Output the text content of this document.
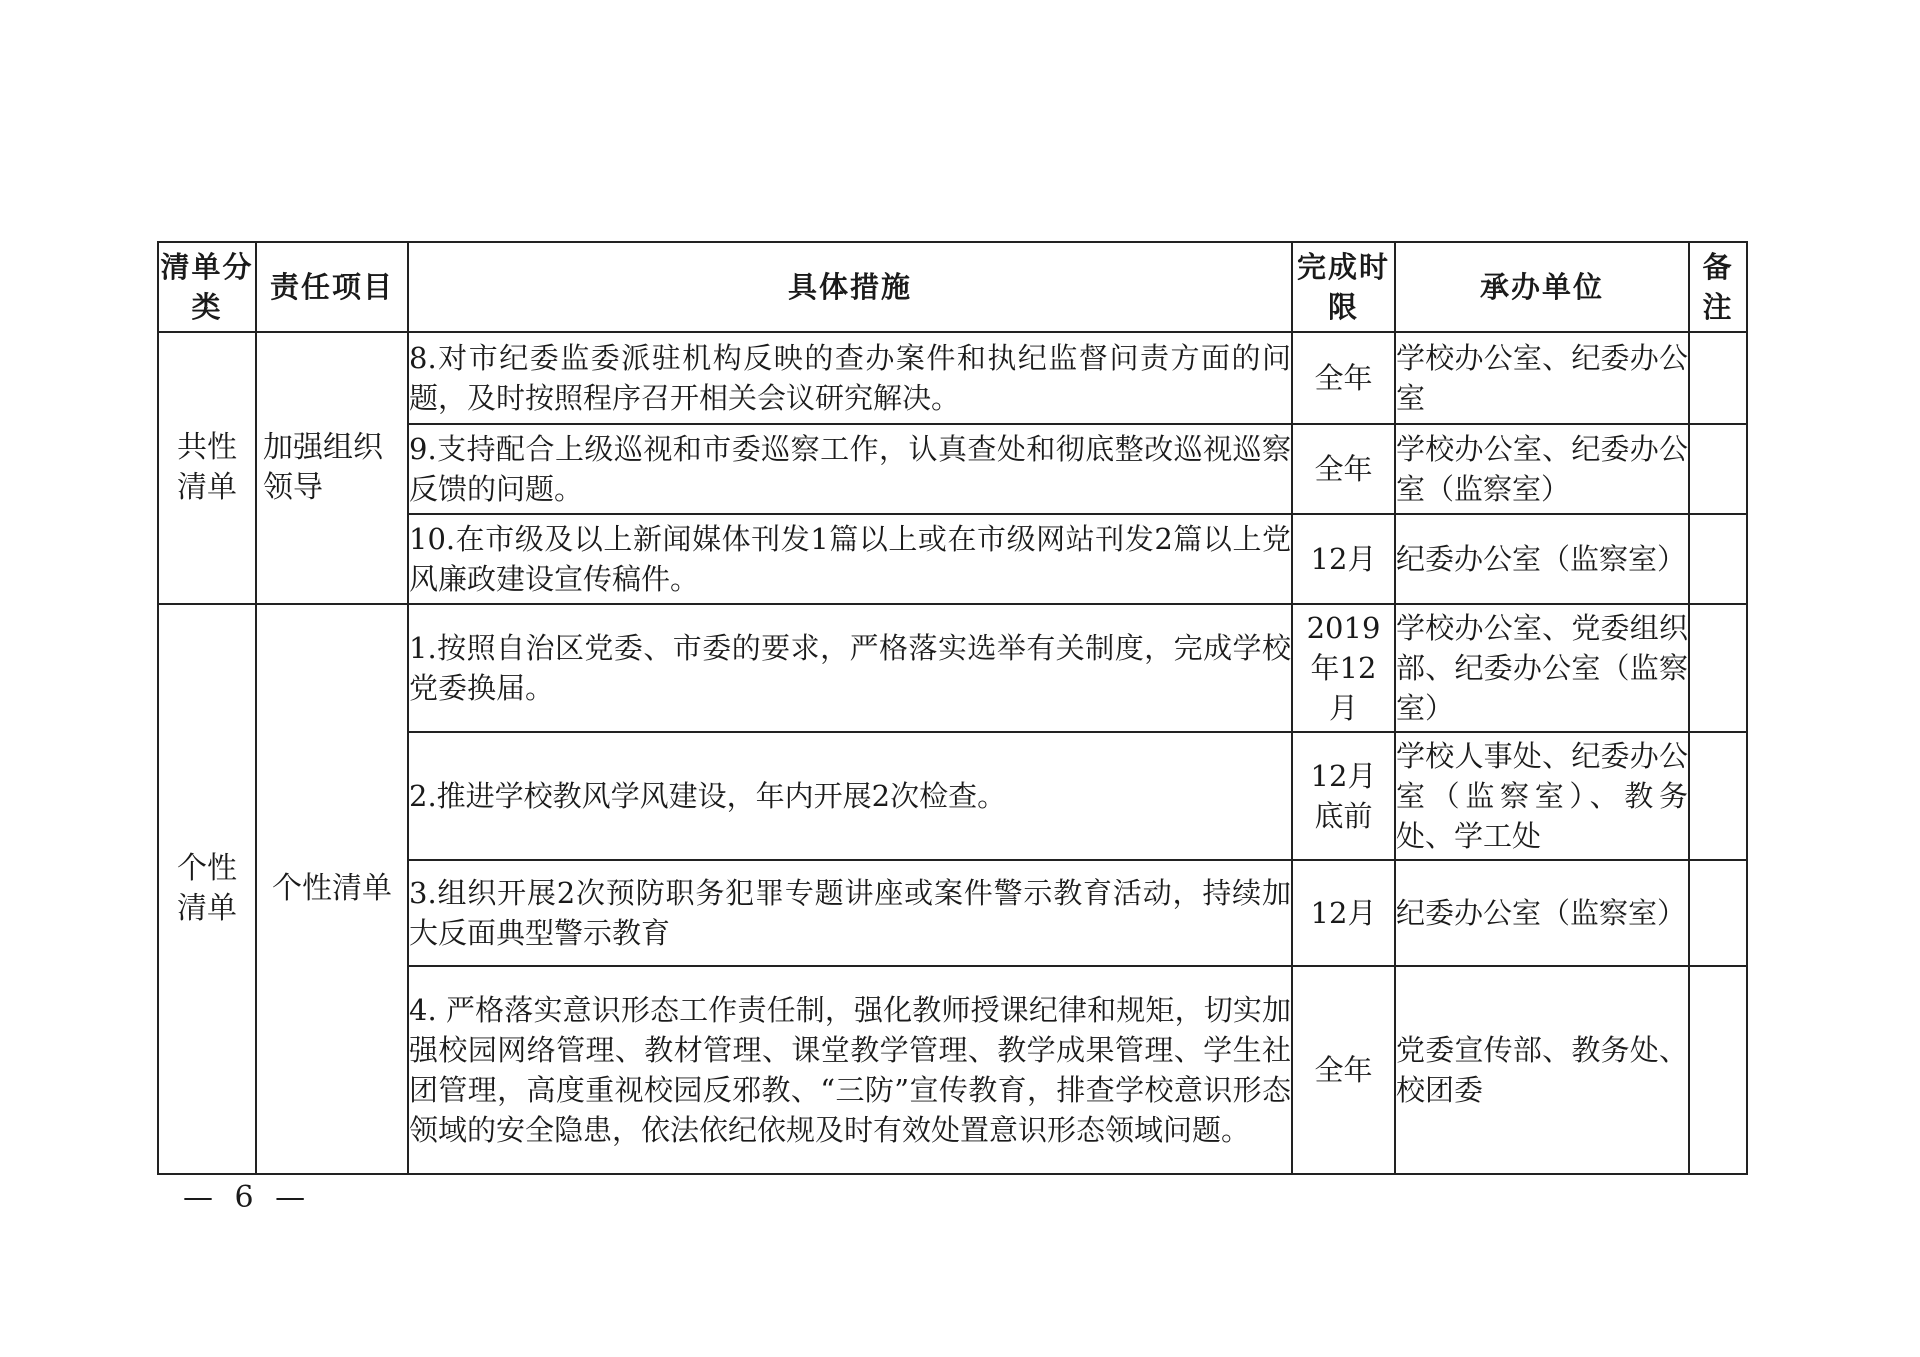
清单分类	责任项目	具体措施	完成时限	承办单位	备注
共性清单	加强组织领导	8.对市纪委监委派驻机构反映的查办案件和执纪监督问责方面的问题，及时按照程序召开相关会议研究解决。	全年	学校办公室、纪委办公室	
		9.支持配合上级巡视和市委巡察工作，认真查处和彻底整改巡视巡察反馈的问题。	全年	学校办公室、纪委办公室（监察室）	
		10.在市级及以上新闻媒体刊发1篇以上或在市级网站刊发2篇以上党风廉政建设宣传稿件。	12月	纪委办公室（监察室）	
个性清单	个性清单	1.按照自治区党委、市委的要求，严格落实选举有关制度，完成学校党委换届。	2019年12月	学校办公室、党委组织部、纪委办公室（监察室）	
		2.推进学校教风学风建设，年内开展2次检查。	12月底前	学校人事处、纪委办公室（监察室）、教务处、学工处	
		3.组织开展2次预防职务犯罪专题讲座或案件警示教育活动，持续加大反面典型警示教育	12月	纪委办公室（监察室）	
		4. 严格落实意识形态工作责任制，强化教师授课纪律和规矩，切实加强校园网络管理、教材管理、课堂教学管理、教学成果管理、学生社团管理，高度重视校园反邪教、“三防”宣传教育，排查学校意识形态领域的安全隐患，依法依纪依规及时有效处置意识形态领域问题。	全年	党委宣传部、教务处、校团委	
— 6 —
